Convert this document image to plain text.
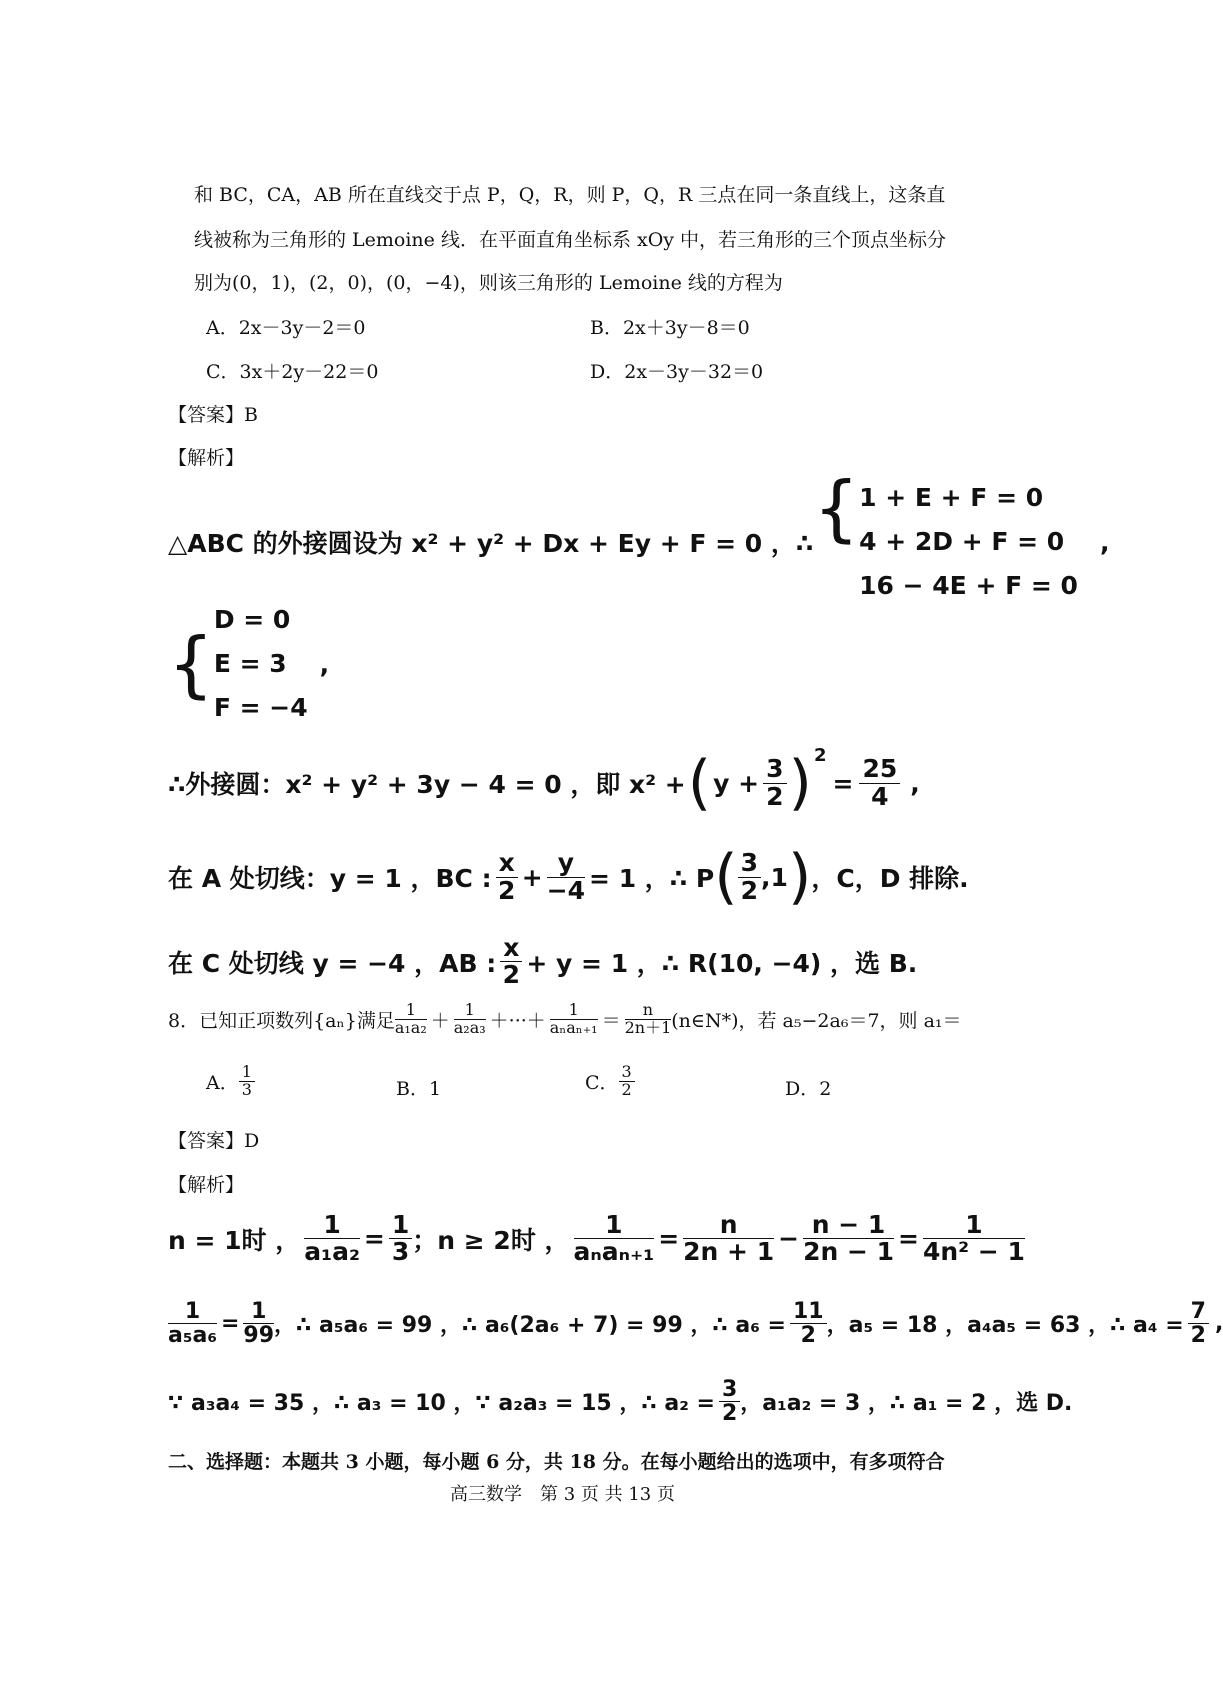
和 BC，CA，AB 所在直线交于点 P，Q，R，则 P，Q，R 三点在同一条直线上，这条直
线被称为三角形的 Lemoine 线．在平面直角坐标系 xOy 中，若三角形的三个顶点坐标分
别为(0，1)，(2，0)，(0，−4)，则该三角形的 Lemoine 线的方程为
A．2x－3y－2＝0	B．2x＋3y－8＝0
C．3x＋2y－22＝0	D．2x－3y－32＝0
【答案】B
【解析】
△ABC 的外接圆设为 x² + y² + Dx + Ey + F = 0 ，∴ { 1 + E + F = 0
4 + 2D + F = 0
16 − 4E + F = 0
,
{
D = 0
E = 3
F = −4
,
∴外接圆：x² + y² + 3y − 4 = 0 ，即 x² + ( $y + \frac{3}{2}$ ) 2
= $\frac{25}{4}$ ,
在 A 处切线：y = 1 ，BC : $\frac{x}{2} + \frac{y}{-4} = 1$ ，∴ P ( $\frac{3}{2} ,1$ ) ，C，D 排除.
在 C 处切线 y = −4 ，AB : $\frac{x}{2} + y = 1$ ，∴ R(10, −4) ，选 B.
8．已知正项数列{aₙ}满足 $\frac{1}{\text{a₁a₂}} + \frac{1}{\text{a₂a₃}}$ ＋···＋ $\frac{1}{\text{aₙaₙ₊₁}} = \frac{n}{2n+1}$ (n∈N*)，若 a₅−2a₆＝7，则 a₁＝
A． $\frac{1}{3}$	B．1	C． $\frac{3}{2}$	D．2
【答案】D
【解析】
n = 1时 ， $\frac{1}{\text{a₁a₂}} = \frac{1}{3}$ ；n ≥ 2时 ， $\frac{1}{\text{aₙaₙ₊₁}} = \frac{n}{2n + 1} - \frac{n - 1}{2n - 1} = \frac{1}{\text{4n² − 1}}$
$\frac{1}{\text{a₅a₆}} = \frac{1}{99}$ ，∴ a₅a₆ = 99 ，∴ a₆(2a₆ + 7) = 99 ，∴ $a_6 = \frac{11}{2}$ ，a₅ = 18 ，a₄a₅ = 63 ，∴ $a_4 = \frac{7}{2}$ ,
∵ a₃a₄ = 35 ，∴ a₃ = 10 ，∵ a₂a₃ = 15 ，∴ $a_2 = \frac{3}{2}$ ，a₁a₂ = 3 ，∴ a₁ = 2 ，选 D.
二、选择题：本题共 3 小题，每小题 6 分，共 18 分。在每小题给出的选项中，有多项符合
高三数学　第 3 页 共 13 页
